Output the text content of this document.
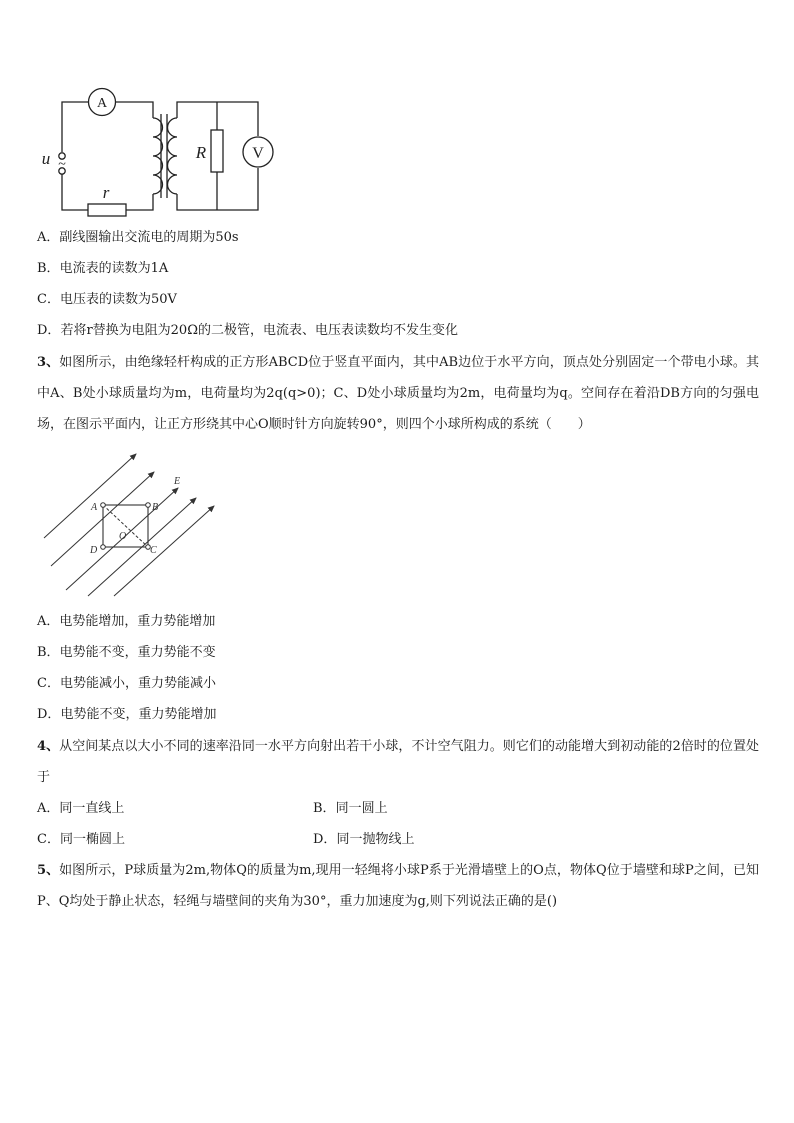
A
V
R
r
u ~
A．副线圈输出交流电的周期为50s
B．电流表的读数为1A
C．电压表的读数为50V
D．若将r替换为电阻为20Ω的二极管，电流表、电压表读数均不发生变化
3、如图所示，由绝缘轻杆构成的正方形ABCD位于竖直平面内，其中AB边位于水平方向，顶点处分别固定一个带电小球。其中A、B处小球质量均为m，电荷量均为2q(q>0)；C、D处小球质量均为2m，电荷量均为q。空间存在着沿DB方向的匀强电场，在图示平面内，让正方形绕其中心O顺时针方向旋转90°，则四个小球所构成的系统（　　）
E
A	B
C
D
O
A．电势能增加，重力势能增加
B．电势能不变，重力势能不变
C．电势能减小，重力势能减小
D．电势能不变，重力势能增加
4、从空间某点以大小不同的速率沿同一水平方向射出若干小球，不计空气阻力。则它们的动能增大到初动能的2倍时的位置处于
A．同一直线上	B．同一圆上
C．同一椭圆上	D．同一抛物线上
5、如图所示，P球质量为2m,物体Q的质量为m,现用一轻绳将小球P系于光滑墙壁上的O点，物体Q位于墙壁和球P之间，已知P、Q均处于静止状态，轻绳与墙壁间的夹角为30°，重力加速度为g,则下列说法正确的是()
